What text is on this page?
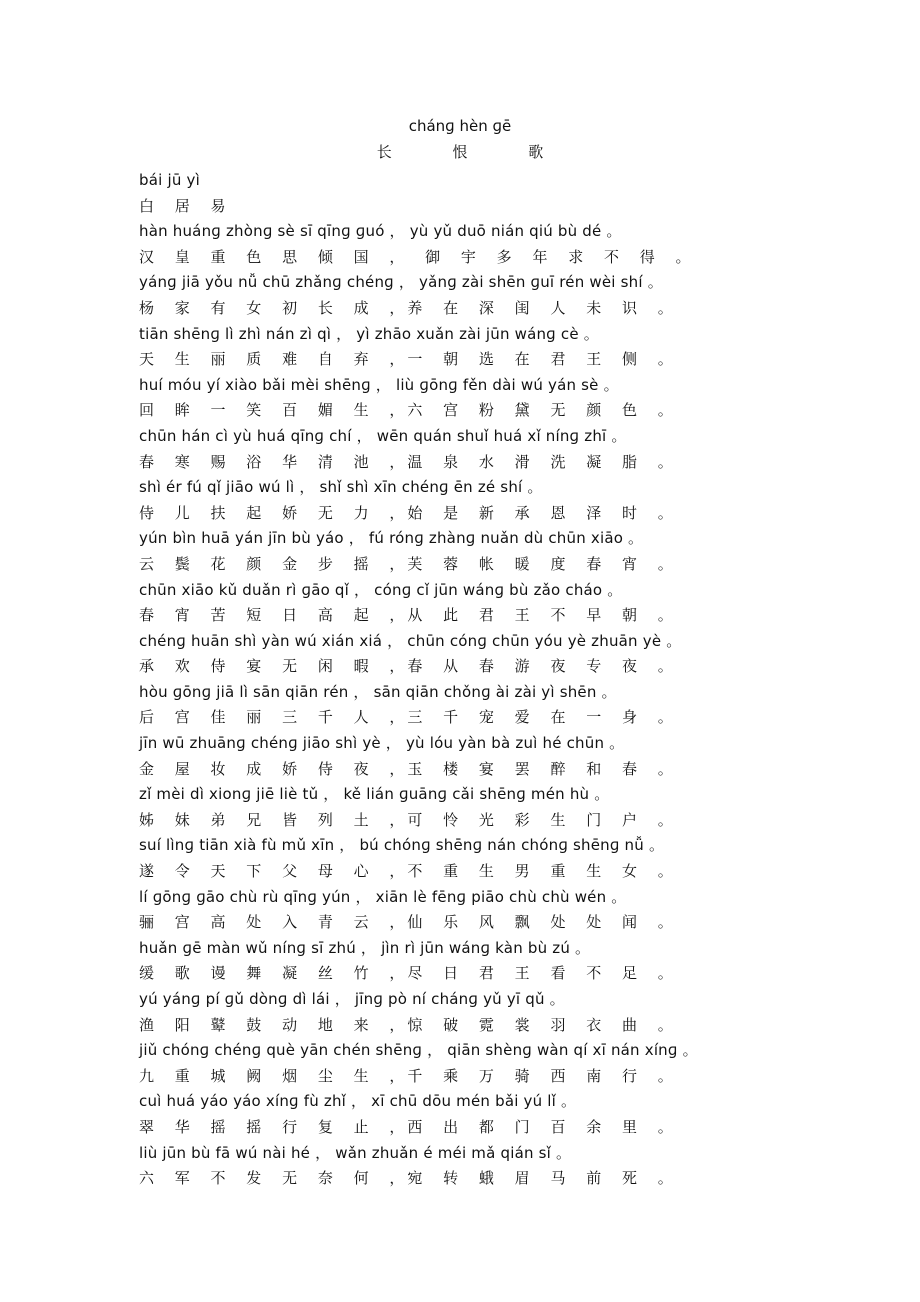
chánɡ hèn ɡē
长 恨 歌
bái jū yì
白 居 易
hàn huánɡ zhònɡ sè sī qīnɡ ɡuó ， yù yǔ duō nián qiú bù dé 。
汉 皇 重 色 思 倾 国 ， 御 宇 多 年 求 不 得 。
yánɡ jiā yǒu nǚ chū zhǎnɡ chénɡ ， yǎnɡ zài shēn ɡuī rén wèi shí 。
杨 家 有 女 初 长 成 ，养 在 深 闺 人 未 识 。
tiān shēnɡ lì zhì nán zì qì ， yì zhāo xuǎn zài jūn wánɡ cè 。
天 生 丽 质 难 自 弃 ，一 朝 选 在 君 王 侧 。
huí móu yí xiào bǎi mèi shēnɡ ， liù ɡōnɡ fěn dài wú yán sè 。
回 眸 一 笑 百 媚 生 ，六 宫 粉 黛 无 颜 色 。
chūn hán cì yù huá qīnɡ chí ， wēn quán shuǐ huá xǐ nínɡ zhī 。
春 寒 赐 浴 华 清 池 ，温 泉 水 滑 洗 凝 脂 。
shì ér fú qǐ jiāo wú lì ， shǐ shì xīn chénɡ ēn zé shí 。
侍 儿 扶 起 娇 无 力 ，始 是 新 承 恩 泽 时 。
yún bìn huā yán jīn bù yáo ， fú rónɡ zhànɡ nuǎn dù chūn xiāo 。
云 鬓 花 颜 金 步 摇 ，芙 蓉 帐 暖 度 春 宵 。
chūn xiāo kǔ duǎn rì ɡāo qǐ ， cónɡ cǐ jūn wánɡ bù zǎo cháo 。
春 宵 苦 短 日 高 起 ，从 此 君 王 不 早 朝 。
chénɡ huān shì yàn wú xián xiá ， chūn cónɡ chūn yóu yè zhuān yè 。
承 欢 侍 宴 无 闲 暇 ，春 从 春 游 夜 专 夜 。
hòu ɡōnɡ jiā lì sān qiān rén ， sān qiān chǒnɡ ài zài yì shēn 。
后 宫 佳 丽 三 千 人 ，三 千 宠 爱 在 一 身 。
jīn wū zhuānɡ chénɡ jiāo shì yè ， yù lóu yàn bà zuì hé chūn 。
金 屋 妆 成 娇 侍 夜 ，玉 楼 宴 罢 醉 和 春 。
zǐ mèi dì xionɡ jiē liè tǔ ， kě lián ɡuānɡ cǎi shēnɡ mén hù 。
姊 妹 弟 兄 皆 列 土 ，可 怜 光 彩 生 门 户 。
suí lìnɡ tiān xià fù mǔ xīn ， bú chónɡ shēnɡ nán chónɡ shēnɡ nǚ 。
遂 令 天 下 父 母 心 ，不 重 生 男 重 生 女 。
lí ɡōnɡ ɡāo chù rù qīnɡ yún ， xiān lè fēnɡ piāo chù chù wén 。
骊 宫 高 处 入 青 云 ，仙 乐 风 飘 处 处 闻 。
huǎn ɡē màn wǔ nínɡ sī zhú ， jìn rì jūn wánɡ kàn bù zú 。
缓 歌 谩 舞 凝 丝 竹 ，尽 日 君 王 看 不 足 。
yú yánɡ pí ɡǔ dònɡ dì lái ， jīnɡ pò ní chánɡ yǔ yī qǔ 。
渔 阳 鼙 鼓 动 地 来 ，惊 破 霓 裳 羽 衣 曲 。
jiǔ chónɡ chénɡ què yān chén shēnɡ ， qiān shènɡ wàn qí xī nán xínɡ 。
九 重 城 阙 烟 尘 生 ，千 乘 万 骑 西 南 行 。
cuì huá yáo yáo xínɡ fù zhǐ ， xī chū dōu mén bǎi yú lǐ 。
翠 华 摇 摇 行 复 止 ，西 出 都 门 百 余 里 。
liù jūn bù fā wú nài hé ， wǎn zhuǎn é méi mǎ qián sǐ 。
六 军 不 发 无 奈 何 ，宛 转 蛾 眉 马 前 死 。
